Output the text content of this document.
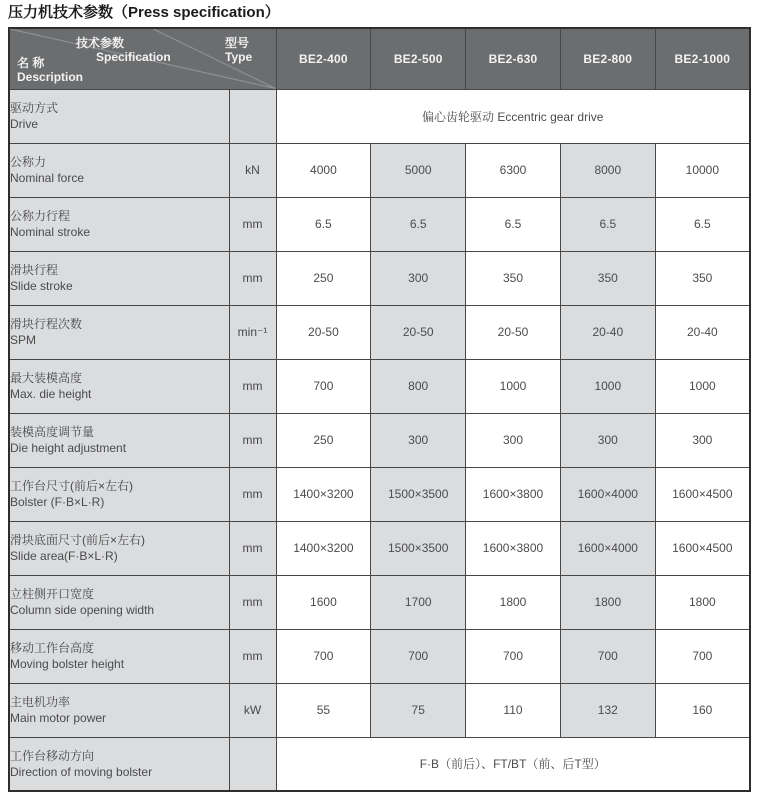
压力机技术参数（Press specification）
技术参数
Specification
型号
Type
名 称
Description
	BE2-400	BE2-500	BE2-630	BE2-800	BE2-1000

驱动方式
Drive		偏心齿轮驱动 Eccentric gear drive				

公称力
Nominal force	kN	4000	5000	6300	8000	10000

公称力行程
Nominal stroke	mm	6.5	6.5	6.5	6.5	6.5

滑块行程
Slide stroke	mm	250	300	350	350	350

滑块行程次数
SPM	min⁻¹	20-50	20-50	20-50	20-40	20-40

最大装模高度
Max. die height	mm	700	800	1000	1000	1000

装模高度调节量
Die height adjustment	mm	250	300	300	300	300

工作台尺寸(前后×左右)
Bolster (F·B×L·R)	mm	1400×3200	1500×3500	1600×3800	1600×4000	1600×4500

滑块底面尺寸(前后×左右)
Slide area(F·B×L·R)	mm	1400×3200	1500×3500	1600×3800	1600×4000	1600×4500

立柱侧开口宽度
Column side opening width	mm	1600	1700	1800	1800	1800

移动工作台高度
Moving bolster height	mm	700	700	700	700	700

主电机功率
Main motor power	kW	55	75	110	132	160

工作台移动方向
Direction of moving bolster		F·B（前后）、FT/BT（前、后T型）				
